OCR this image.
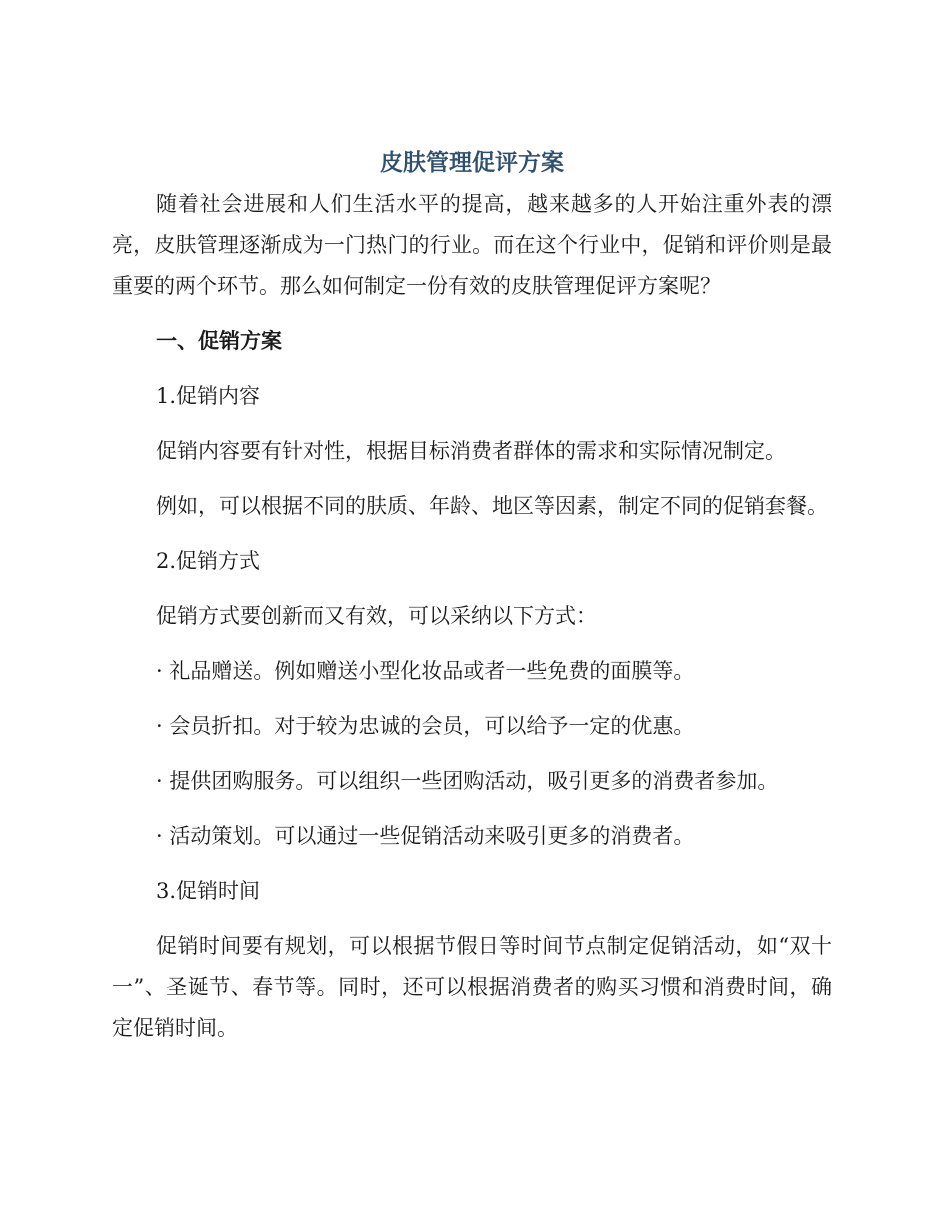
皮肤管理促评方案

随着社会进展和人们生活水平的提高，越来越多的人开始注重外表的漂亮，皮肤管理逐渐成为一门热门的行业。而在这个行业中，促销和评价则是最重要的两个环节。那么如何制定一份有效的皮肤管理促评方案呢？

一、促销方案

1.促销内容

促销内容要有针对性，根据目标消费者群体的需求和实际情况制定。

例如，可以根据不同的肤质、年龄、地区等因素，制定不同的促销套餐。

2.促销方式

促销方式要创新而又有效，可以采纳以下方式：

· 礼品赠送。例如赠送小型化妆品或者一些免费的面膜等。

· 会员折扣。对于较为忠诚的会员，可以给予一定的优惠。

· 提供团购服务。可以组织一些团购活动，吸引更多的消费者参加。

· 活动策划。可以通过一些促销活动来吸引更多的消费者。

3.促销时间

促销时间要有规划，可以根据节假日等时间节点制定促销活动，如“双十一”、圣诞节、春节等。同时，还可以根据消费者的购买习惯和消费时间，确定促销时间。
